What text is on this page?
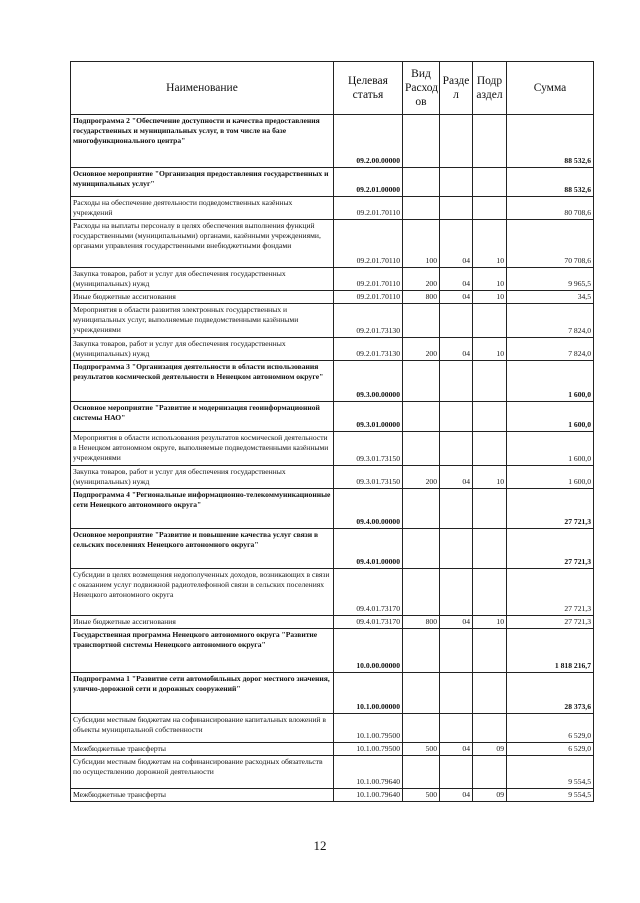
Наименование	Целевая статья	Вид Расход ов	Разде л	Подр аздел	Сумма
Подпрограмма 2 "Обеспечение доступности и качества предоставления государственных и муниципальных услуг, в том числе на базе многофункционального центра"	09.2.00.00000				88 532,6
Основное мероприятие "Организация предоставления государственных и муниципальных услуг"	09.2.01.00000				88 532,6
Расходы на обеспечение деятельности подведомственных казённых учреждений	09.2.01.70110				80 708,6
Расходы на выплаты персоналу в целях обеспечения выполнения функций государственными (муниципальными) органами, казёнными учреждениями, органами управления государственными внебюджетными фондами	09.2.01.70110	100	04	10	70 708,6
Закупка товаров, работ и услуг для обеспечения государственных (муниципальных) нужд	09.2.01.70110	200	04	10	9 965,5
Иные бюджетные ассигнования	09.2.01.70110	800	04	10	34,5
Мероприятия в области развития электронных государственных и муниципальных услуг, выполняемые подведомственными казёнными учреждениями	09.2.01.73130				7 824,0
Закупка товаров, работ и услуг для обеспечения государственных (муниципальных) нужд	09.2.01.73130	200	04	10	7 824,0
Подпрограмма 3 "Организация деятельности в области использования результатов космической деятельности в Ненецком автономном округе"	09.3.00.00000				1 600,0
Основное мероприятие "Развитие и модернизация геоинформационной системы НАО"	09.3.01.00000				1 600,0
Мероприятия в области использования результатов космической деятельности в Ненецком автономном округе, выполняемые подведомственными казёнными учреждениями	09.3.01.73150				1 600,0
Закупка товаров, работ и услуг для обеспечения государственных (муниципальных) нужд	09.3.01.73150	200	04	10	1 600,0
Подпрограмма 4 "Региональные информационно-телекоммуникационные сети Ненецкого автономного округа"	09.4.00.00000				27 721,3
Основное мероприятие "Развитие и повышение качества услуг связи в сельских поселениях Ненецкого автономного округа"	09.4.01.00000				27 721,3
Субсидии в целях возмещения недополученных доходов, возникающих в связи с оказанием услуг подвижной радиотелефонной связи в сельских поселениях Ненецкого автономного округа	09.4.01.73170				27 721,3
Иные бюджетные ассигнования	09.4.01.73170	800	04	10	27 721,3
Государственная программа Ненецкого автономного округа "Развитие транспортной системы Ненецкого автономного округа"	10.0.00.00000				1 818 216,7
Подпрограмма 1 "Развитие сети автомобильных дорог местного значения, улично-дорожной сети и дорожных сооружений"	10.1.00.00000				28 373,6
Субсидии местным бюджетам на софинансирование капитальных вложений в объекты муниципальной собственности	10.1.00.79500				6 529,0
Межбюджетные трансферты	10.1.00.79500	500	04	09	6 529,0
Субсидии местным бюджетам на софинансирование расходных обязательств по осуществлению дорожной деятельности	10.1.00.79640				9 554,5
Межбюджетные трансферты	10.1.00.79640	500	04	09	9 554,5
12
